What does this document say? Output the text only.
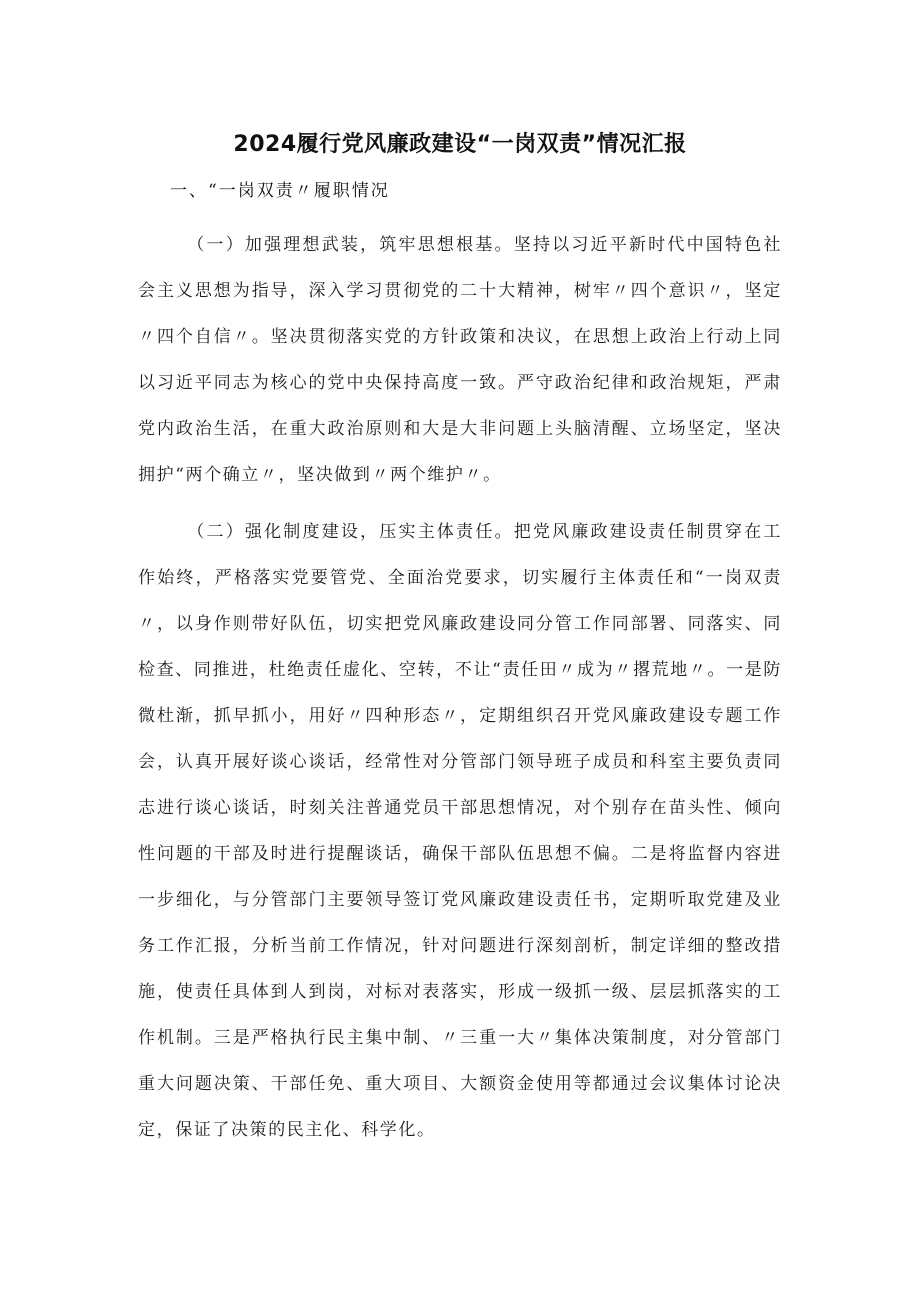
2024履行党风廉政建设“一岗双责”情况汇报
一、“一岗双责〃履职情况

（一）加强理想武装，筑牢思想根基。坚持以习近平新时代中国特色社会主义思想为指导，深入学习贯彻党的二十大精神，树牢〃四个意识〃，坚定〃四个自信〃。坚决贯彻落实党的方针政策和决议，在思想上政治上行动上同以习近平同志为核心的党中央保持高度一致。严守政治纪律和政治规矩，严肃党内政治生活，在重大政治原则和大是大非问题上头脑清醒、立场坚定，坚决拥护“两个确立〃，坚决做到〃两个维护〃。

（二）强化制度建设，压实主体责任。把党风廉政建设责任制贯穿在工作始终，严格落实党要管党、全面治党要求，切实履行主体责任和“一岗双责〃，以身作则带好队伍，切实把党风廉政建设同分管工作同部署、同落实、同检查、同推进，杜绝责任虚化、空转，不让“责任田〃成为〃撂荒地〃。一是防微杜渐，抓早抓小，用好〃四种形态〃，定期组织召开党风廉政建设专题工作会，认真开展好谈心谈话，经常性对分管部门领导班子成员和科室主要负责同志进行谈心谈话，时刻关注普通党员干部思想情况，对个别存在苗头性、倾向性问题的干部及时进行提醒谈话，确保干部队伍思想不偏。二是将监督内容进一步细化，与分管部门主要领导签订党风廉政建设责任书，定期听取党建及业务工作汇报，分析当前工作情况，针对问题进行深刻剖析，制定详细的整改措施，使责任具体到人到岗，对标对表落实，形成一级抓一级、层层抓落实的工作机制。三是严格执行民主集中制、〃三重一大〃集体决策制度，对分管部门重大问题决策、干部任免、重大项目、大额资金使用等都通过会议集体讨论决定，保证了决策的民主化、科学化。
